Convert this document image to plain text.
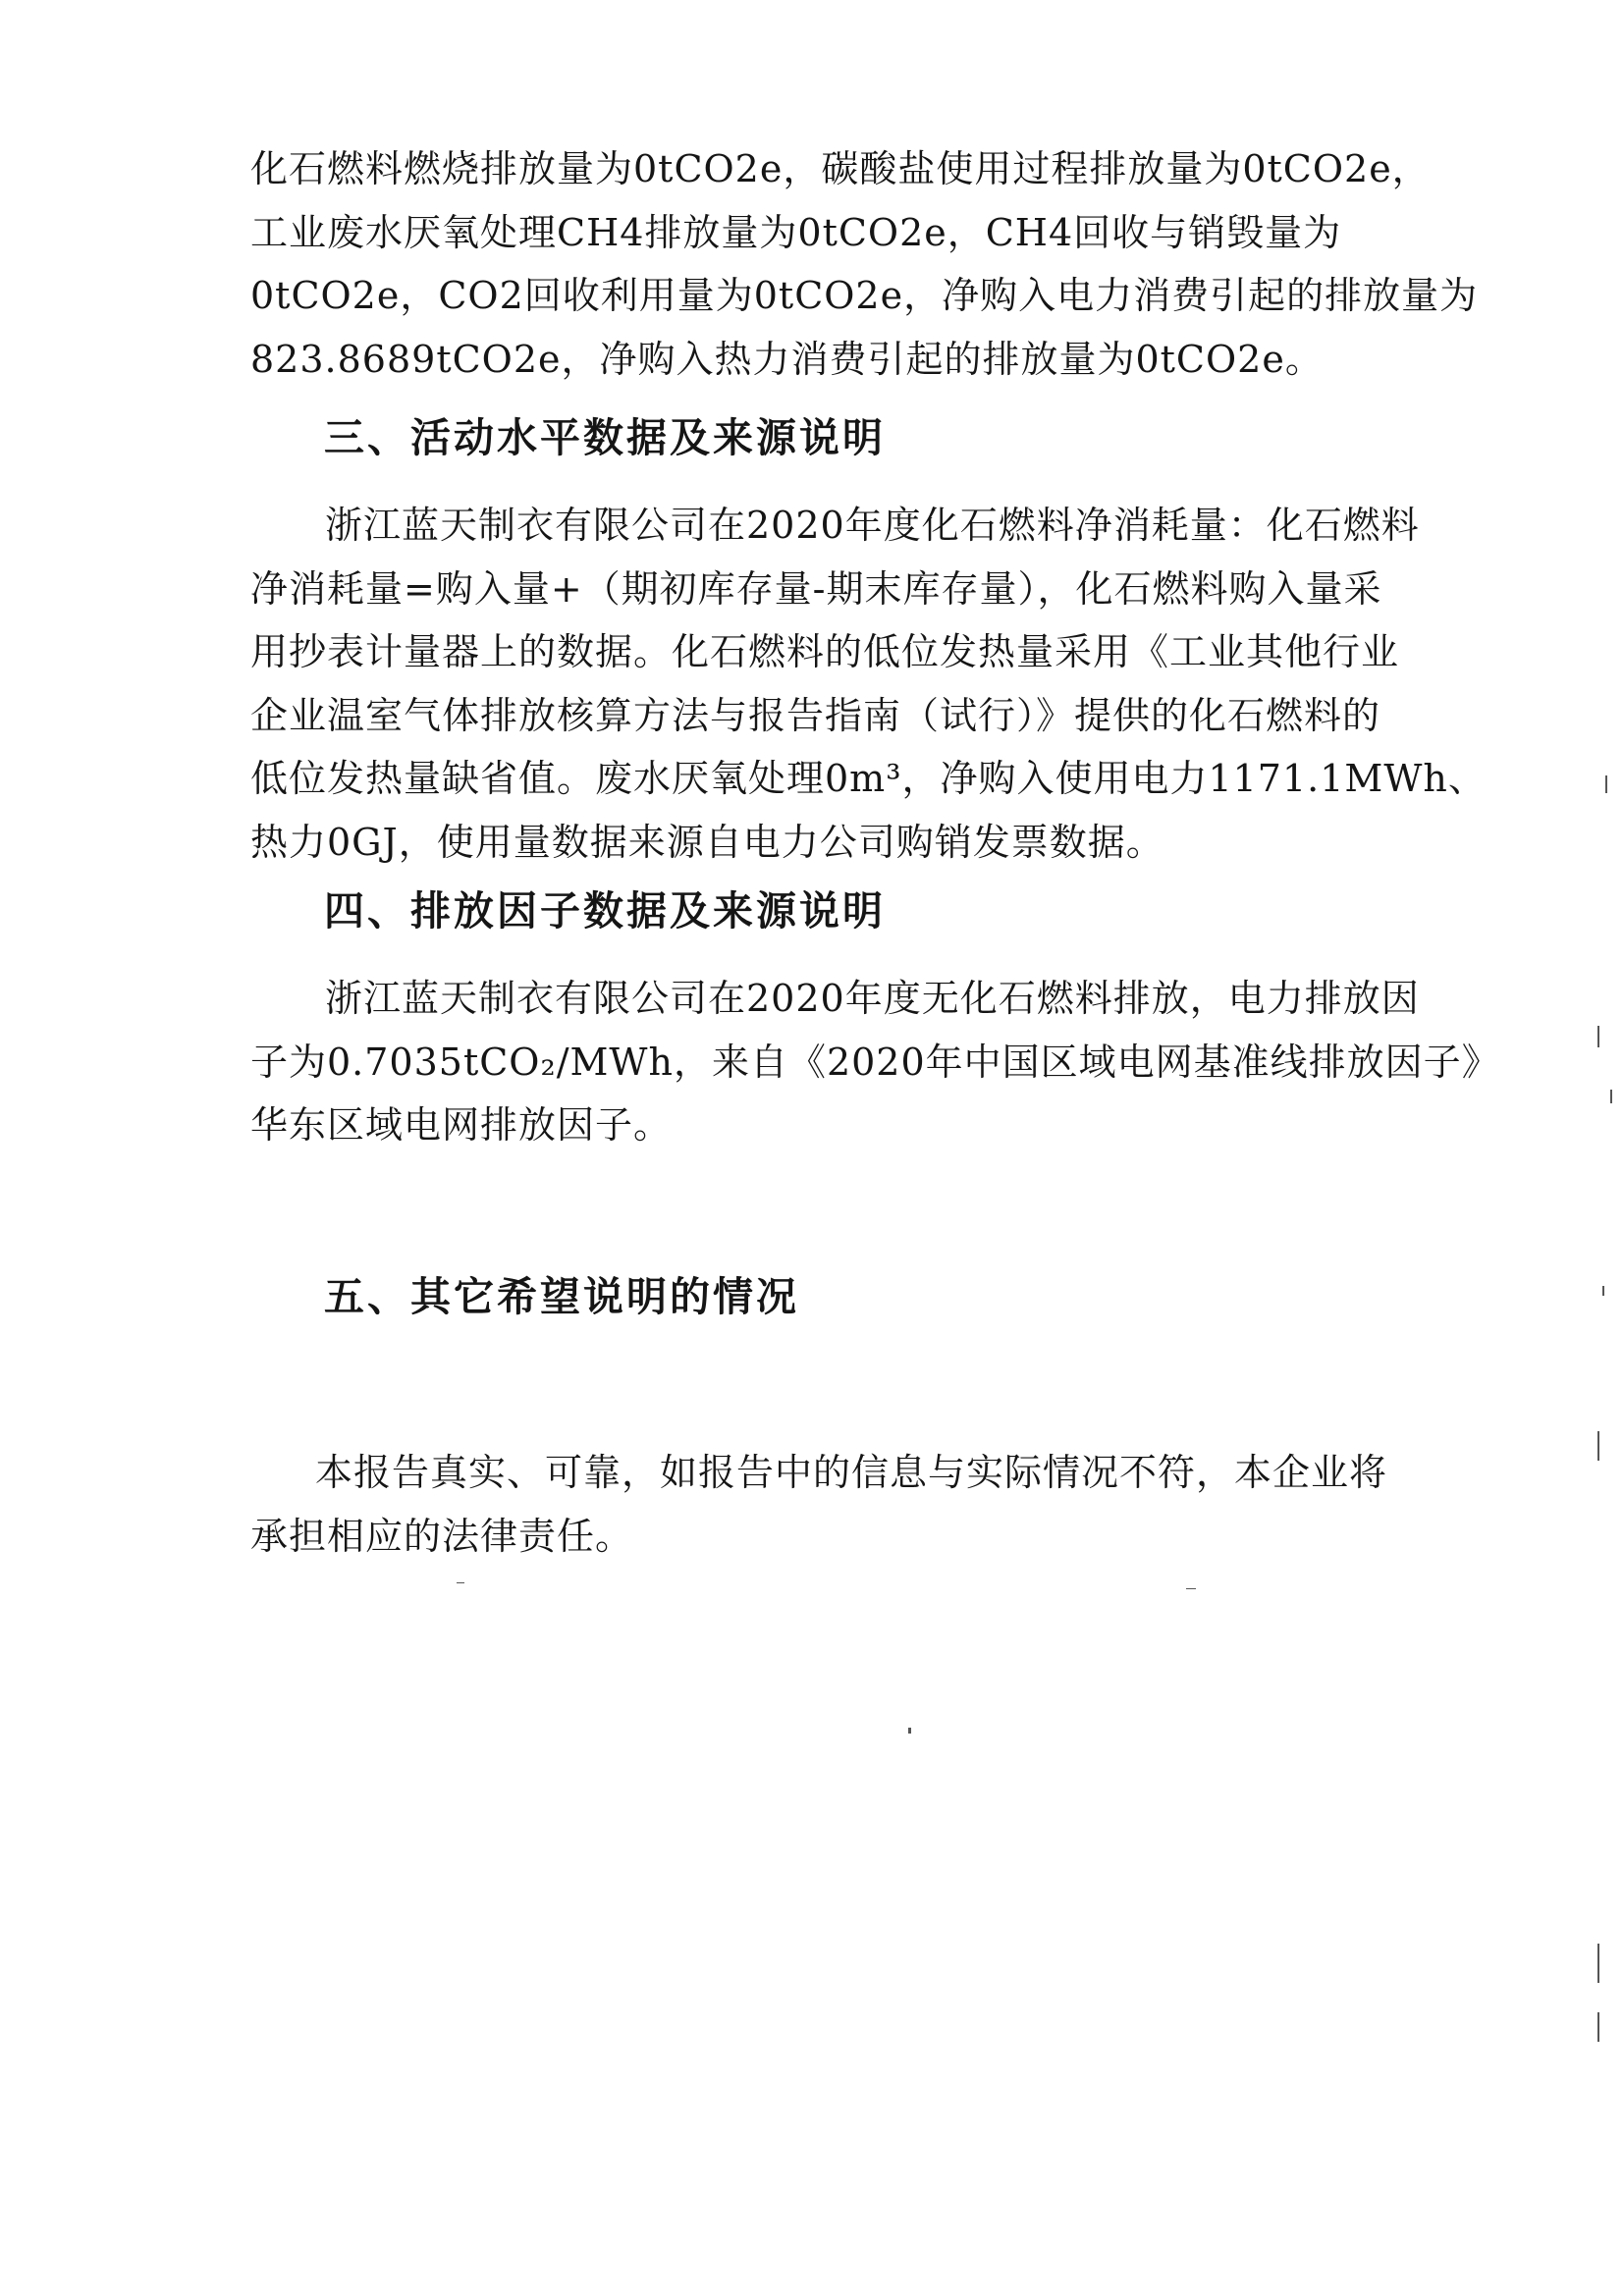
化石燃料燃烧排放量为0tCO2e，碳酸盐使用过程排放量为0tCO2e，
工业废水厌氧处理CH4排放量为0tCO2e，CH4回收与销毁量为
0tCO2e，CO2回收利用量为0tCO2e，净购入电力消费引起的排放量为
823.8689tCO2e，净购入热力消费引起的排放量为0tCO2e。

三、活动水平数据及来源说明

浙江蓝天制衣有限公司在2020年度化石燃料净消耗量：化石燃料
净消耗量=购入量+（期初库存量-期末库存量），化石燃料购入量采
用抄表计量器上的数据。化石燃料的低位发热量采用《工业其他行业
企业温室气体排放核算方法与报告指南（试行）》提供的化石燃料的
低位发热量缺省值。废水厌氧处理0m³，净购入使用电力1171.1MWh、
热力0GJ，使用量数据来源自电力公司购销发票数据。

四、排放因子数据及来源说明

浙江蓝天制衣有限公司在2020年度无化石燃料排放，电力排放因
子为0.7035tCO₂/MWh，来自《2020年中国区域电网基准线排放因子》
华东区域电网排放因子。

五、其它希望说明的情况

本报告真实、可靠，如报告中的信息与实际情况不符，本企业将
承担相应的法律责任。
